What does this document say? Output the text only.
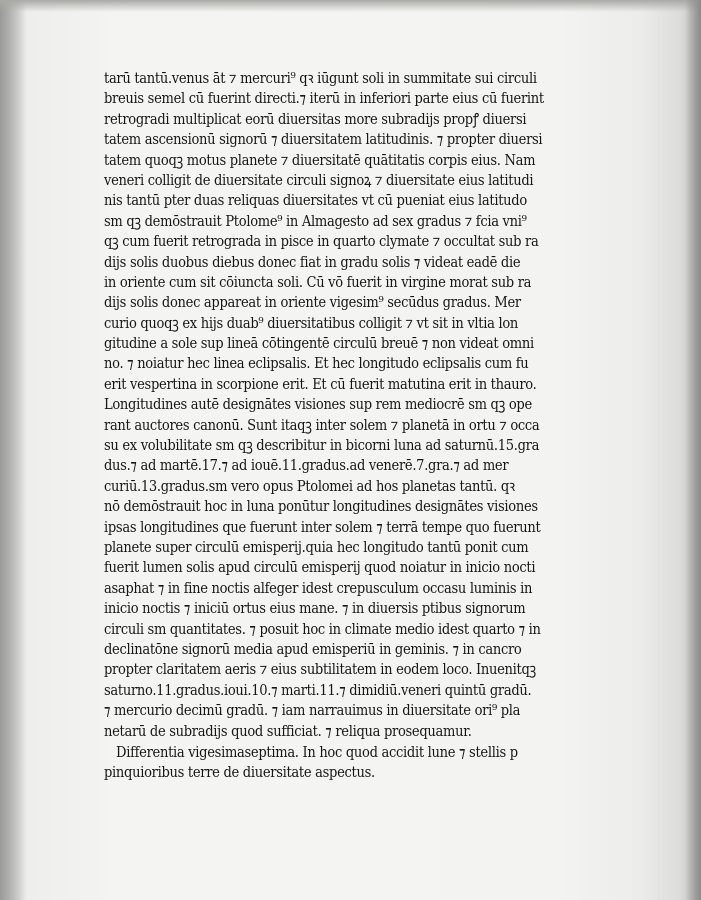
tarū tantū.venus āt ⁊ mercuri⁹ qꝛ iūgunt soli in summitate sui circuli
breuis semel cū fuerint directi.⁊ iterū in inferiori parte eius cū fuerint
retrogradi multiplicat eorū diuersitas more subradijs propꝭ diuersi
tatem ascensionū signorū ⁊ diuersitatem latitudinis. ⁊ propter diuersi
tatem quoqꝫ motus planete ⁊ diuersitatē quātitatis corpis eius. Nam
veneri colligit de diuersitate circuli signoꝝ ⁊ diuersitate eius latitudi
nis tantū pter duas reliquas diuersitates vt cū pueniat eius latitudo
sm qꝫ demōstrauit Ptolome⁹ in Almagesto ad sex gradus ⁊ fcia vni⁹
qꝫ cum fuerit retrograda in pisce in quarto clymate ⁊ occultat sub ra
dijs solis duobus diebus donec fiat in gradu solis ⁊ videat eadē die
in oriente cum sit cōiuncta soli. Cū vō fuerit in virgine morat sub ra
dijs solis donec appareat in oriente vigesim⁹ secūdus gradus. Mer
curio quoqꝫ ex hijs duab⁹ diuersitatibus colligit ⁊ vt sit in vltia lon
gitudine a sole sup lineā cōtingentē circulū breuē ⁊ non videat omni
no. ⁊ noiatur hec linea eclipsalis. Et hec longitudo eclipsalis cum fu
erit vespertina in scorpione erit. Et cū fuerit matutina erit in thauro.
Longitudines autē designātes visiones sup rem mediocrē sm qꝫ ope
rant auctores canonū. Sunt itaqꝫ inter solem ⁊ planetā in ortu ⁊ occa
su ex volubilitate sm qꝫ describitur in bicorni luna ad saturnū.15.gra
dus.⁊ ad martē.17.⁊ ad iouē.11.gradus.ad venerē.7.gra.⁊ ad mer
curiū.13.gradus.sm vero opus Ptolomei ad hos planetas tantū. qꝛ
nō demōstrauit hoc in luna ponūtur longitudines designātes visiones
ipsas longitudines que fuerunt inter solem ⁊ terrā tempe quo fuerunt
planete super circulū emisperij.quia hec longitudo tantū ponit cum
fuerit lumen solis apud circulū emisperij quod noiatur in inicio nocti
asaphat ⁊ in fine noctis alfeger idest crepusculum occasu luminis in
inicio noctis ⁊ iniciū ortus eius mane. ⁊ in diuersis ptibus signorum
circuli sm quantitates. ⁊ posuit hoc in climate medio idest quarto ⁊ in
declinatōne signorū media apud emisperiū in geminis. ⁊ in cancro
propter claritatem aeris ⁊ eius subtilitatem in eodem loco. Inuenitqꝫ
saturno.11.gradus.ioui.10.⁊ marti.11.⁊ dimidiū.veneri quintū gradū.
⁊ mercurio decimū gradū. ⁊ iam narrauimus in diuersitate ori⁹ pla
netarū de subradijs quod sufficiat. ⁊ reliqua prosequamur.
Differentia vigesimaseptima. In hoc quod accidit lune ⁊ stellis p
pinquioribus terre de diuersitate aspectus.
